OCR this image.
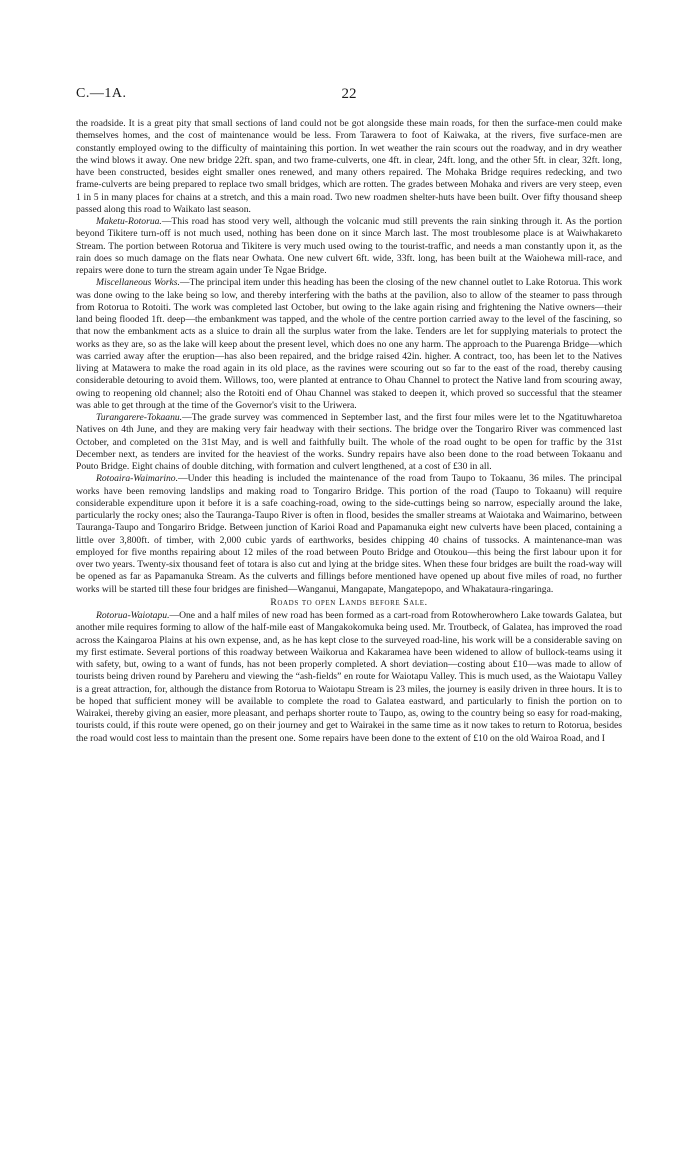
C.—1A.	22

the roadside. It is a great pity that small sections of land could not be got alongside these main roads, for then the surface-men could make themselves homes, and the cost of maintenance would be less. From Tarawera to foot of Kaiwaka, at the rivers, five surface-men are constantly employed owing to the difficulty of maintaining this portion. In wet weather the rain scours out the roadway, and in dry weather the wind blows it away. One new bridge 22ft. span, and two frame-culverts, one 4ft. in clear, 24ft. long, and the other 5ft. in clear, 32ft. long, have been constructed, besides eight smaller ones renewed, and many others repaired. The Mohaka Bridge requires redecking, and two frame-culverts are being prepared to replace two small bridges, which are rotten. The grades between Mohaka and rivers are very steep, even 1 in 5 in many places for chains at a stretch, and this a main road. Two new roadmen shelter-huts have been built. Over fifty thousand sheep passed along this road to Waikato last season.

Maketu-Rotorua.—This road has stood very well, although the volcanic mud still prevents the rain sinking through it. As the portion beyond Tikitere turn-off is not much used, nothing has been done on it since March last. The most troublesome place is at Waiwhakareto Stream. The portion between Rotorua and Tikitere is very much used owing to the tourist-traffic, and needs a man constantly upon it, as the rain does so much damage on the flats near Owhata. One new culvert 6ft. wide, 33ft. long, has been built at the Waiohewa mill-race, and repairs were done to turn the stream again under Te Ngae Bridge.

Miscellaneous Works.—The principal item under this heading has been the closing of the new channel outlet to Lake Rotorua. This work was done owing to the lake being so low, and thereby interfering with the baths at the pavilion, also to allow of the steamer to pass through from Rotorua to Rotoiti. The work was completed last October, but owing to the lake again rising and frightening the Native owners—their land being flooded 1ft. deep—the embankment was tapped, and the whole of the centre portion carried away to the level of the fascining, so that now the embankment acts as a sluice to drain all the surplus water from the lake. Tenders are let for supplying materials to protect the works as they are, so as the lake will keep about the present level, which does no one any harm. The approach to the Puarenga Bridge—which was carried away after the eruption—has also been repaired, and the bridge raised 42in. higher. A contract, too, has been let to the Natives living at Matawera to make the road again in its old place, as the ravines were scouring out so far to the east of the road, thereby causing considerable detouring to avoid them. Willows, too, were planted at entrance to Ohau Channel to protect the Native land from scouring away, owing to reopening old channel; also the Rotoiti end of Ohau Channel was staked to deepen it, which proved so successful that the steamer was able to get through at the time of the Governor's visit to the Uriwera.

Turangarere-Tokaanu.—The grade survey was commenced in September last, and the first four miles were let to the Ngatituwharetoa Natives on 4th June, and they are making very fair headway with their sections. The bridge over the Tongariro River was commenced last October, and completed on the 31st May, and is well and faithfully built. The whole of the road ought to be open for traffic by the 31st December next, as tenders are invited for the heaviest of the works. Sundry repairs have also been done to the road between Tokaanu and Pouto Bridge. Eight chains of double ditching, with formation and culvert lengthened, at a cost of £30 in all.

Rotoaira-Waimarino.—Under this heading is included the maintenance of the road from Taupo to Tokaanu, 36 miles. The principal works have been removing landslips and making road to Tongariro Bridge. This portion of the road (Taupo to Tokaanu) will require considerable expenditure upon it before it is a safe coaching-road, owing to the side-cuttings being so narrow, especially around the lake, particularly the rocky ones; also the Tauranga-Taupo River is often in flood, besides the smaller streams at Waiotaka and Waimarino, between Tauranga-Taupo and Tongariro Bridge. Between junction of Karioi Road and Papamanuka eight new culverts have been placed, containing a little over 3,800ft. of timber, with 2,000 cubic yards of earthworks, besides chipping 40 chains of tussocks. A maintenance-man was employed for five months repairing about 12 miles of the road between Pouto Bridge and Otoukou—this being the first labour upon it for over two years. Twenty-six thousand feet of totara is also cut and lying at the bridge sites. When these four bridges are built the road-way will be opened as far as Papamanuka Stream. As the culverts and fillings before mentioned have opened up about five miles of road, no further works will be started till these four bridges are finished—Wanganui, Mangapate, Mangatepopo, and Whakataura-ringaringa.

Roads to open Lands before Sale.

Rotorua-Waiotapu.—One and a half miles of new road has been formed as a cart-road from Rotowherowhero Lake towards Galatea, but another mile requires forming to allow of the half-mile east of Mangakokomuka being used. Mr. Troutbeck, of Galatea, has improved the road across the Kaingaroa Plains at his own expense, and, as he has kept close to the surveyed road-line, his work will be a considerable saving on my first estimate. Several portions of this roadway between Waikorua and Kakaramea have been widened to allow of bullock-teams using it with safety, but, owing to a want of funds, has not been properly completed. A short deviation—costing about £10—was made to allow of tourists being driven round by Pareheru and viewing the “ash-fields” en route for Waiotapu Valley. This is much used, as the Waiotapu Valley is a great attraction, for, although the distance from Rotorua to Waiotapu Stream is 23 miles, the journey is easily driven in three hours. It is to be hoped that sufficient money will be available to complete the road to Galatea eastward, and particularly to finish the portion on to Wairakei, thereby giving an easier, more pleasant, and perhaps shorter route to Taupo, as, owing to the country being so easy for road-making, tourists could, if this route were opened, go on their journey and get to Wairakei in the same time as it now takes to return to Rotorua, besides the road would cost less to maintain than the present one. Some repairs have been done to the extent of £10 on the old Wairoa Road, and I
